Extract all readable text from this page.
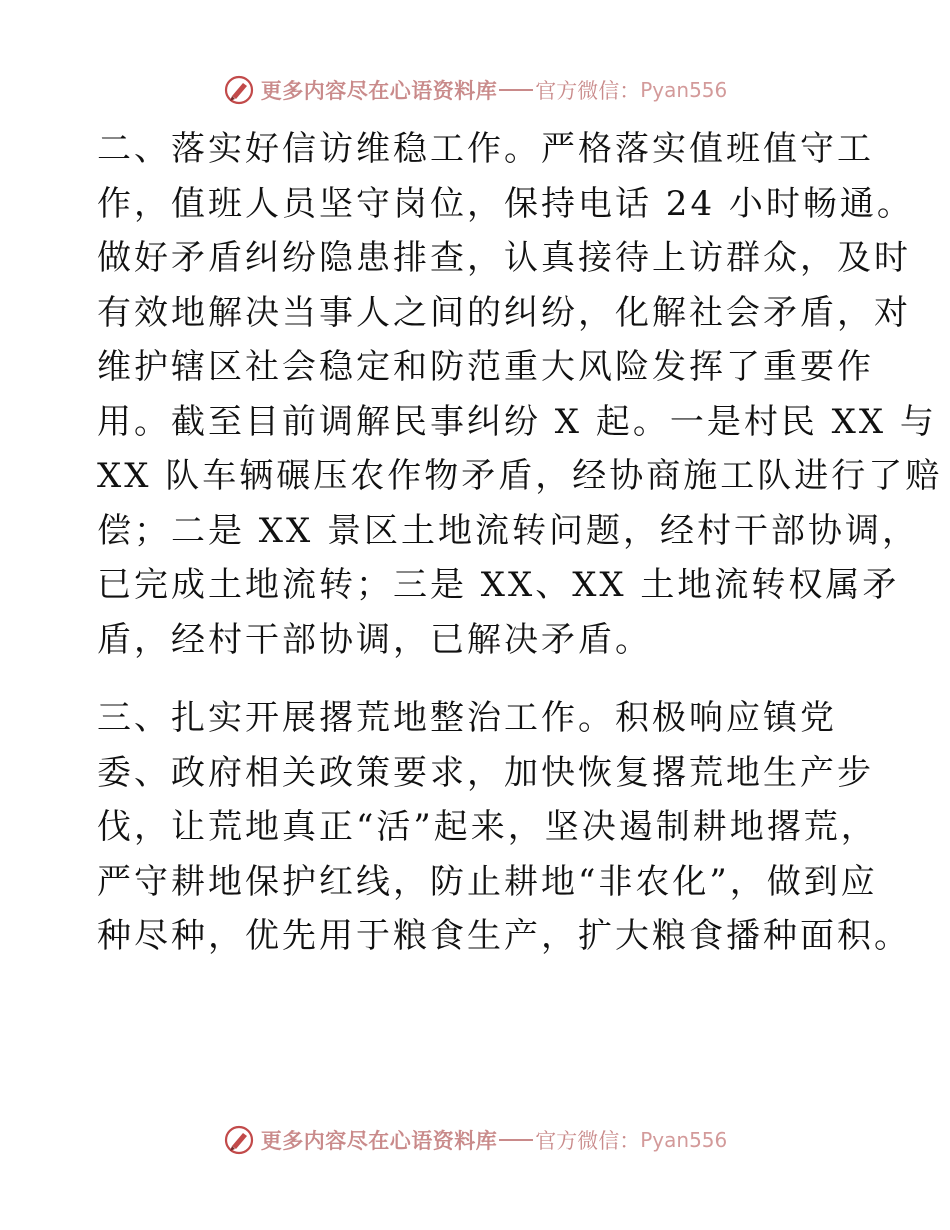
更多内容尽在心语资料库 官方微信： Pyan556

二、落实好信访维稳工作。严格落实值班值守工
作，值班人员坚守岗位，保持电话 24 小时畅通。
做好矛盾纠纷隐患排查，认真接待上访群众，及时
有效地解决当事人之间的纠纷，化解社会矛盾，对
维护辖区社会稳定和防范重大风险发挥了重要作
用。截至目前调解民事纠纷 X 起。一是村民 XX 与
XX 队车辆碾压农作物矛盾，经协商施工队进行了赔
偿；二是 XX 景区土地流转问题，经村干部协调，
已完成土地流转；三是 XX、XX 土地流转权属矛
盾，经村干部协调，已解决矛盾。

三、扎实开展撂荒地整治工作。积极响应镇党
委、政府相关政策要求，加快恢复撂荒地生产步
伐，让荒地真正“活”起来，坚决遏制耕地撂荒，
严守耕地保护红线，防止耕地“非农化”，做到应
种尽种，优先用于粮食生产，扩大粮食播种面积。

更多内容尽在心语资料库 官方微信： Pyan556
